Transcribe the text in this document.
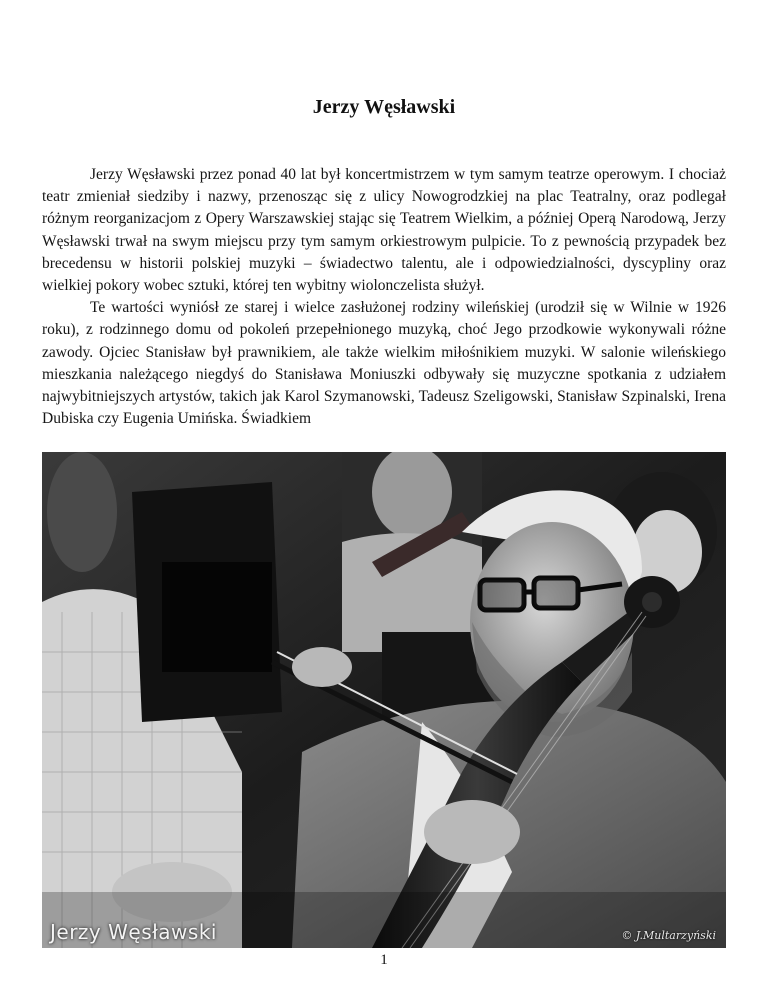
Jerzy Węsławski

Jerzy Węsławski przez ponad 40 lat był koncertmistrzem w tym samym teatrze operowym. I chociaż teatr zmieniał siedziby i nazwy, przenosząc się z ulicy Nowogrodzkiej na plac Teatralny, oraz podlegał różnym reorganizacjom z Opery Warszawskiej stając się Teatrem Wielkim, a później Operą Narodową, Jerzy Węsławski trwał na swym miejscu przy tym samym orkiestrowym pulpicie. To z pewnością przypadek bez brecedensu w historii polskiej muzyki – świadectwo talentu, ale i odpowiedzialności, dyscypliny oraz wielkiej pokory wobec sztuki, której ten wybitny wiolonczelista służył.

Te wartości wyniósł ze starej i wielce zasłużonej rodziny wileńskiej (urodził się w Wilnie w 1926 roku), z rodzinnego domu od pokoleń przepełnionego muzyką, choć Jego przodkowie wykonywali różne zawody. Ojciec Stanisław był prawnikiem, ale także wielkim miłośnikiem muzyki. W salonie wileńskiego mieszkania należącego niegdyś do Stanisława Moniuszki odbywały się muzyczne spotkania z udziałem najwybitniejszych artystów, takich jak Karol Szymanowski, Tadeusz Szeligowski, Stanisław Szpinalski, Irena Dubiska czy Eugenia Umińska. Świadkiem

Jerzy Węsławski	© J.Multarzyński
1
